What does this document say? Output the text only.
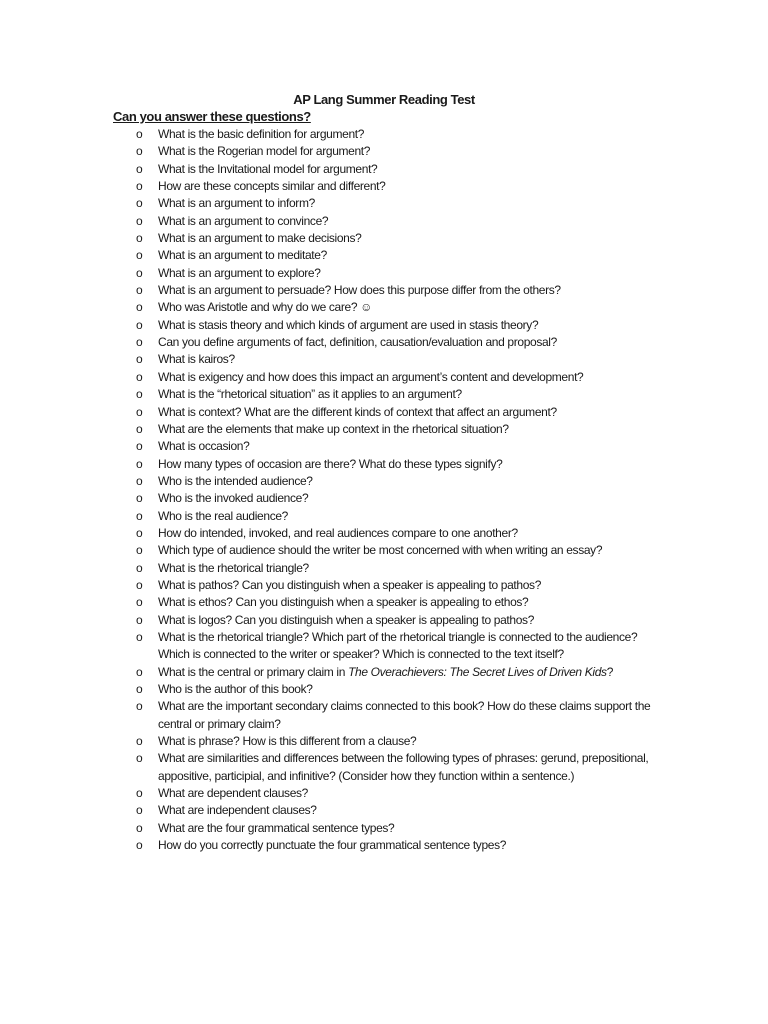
AP Lang Summer Reading Test
Can you answer these questions?
o What is the basic definition for argument?
o What is the Rogerian model for argument?
o What is the Invitational model for argument?
o How are these concepts similar and different?
o What is an argument to inform?
o What is an argument to convince?
o What is an argument to make decisions?
o What is an argument to meditate?
o What is an argument to explore?
o What is an argument to persuade? How does this purpose differ from the others?
o Who was Aristotle and why do we care? ☺
o What is stasis theory and which kinds of argument are used in stasis theory?
o Can you define arguments of fact, definition, causation/evaluation and proposal?
o What is kairos?
o What is exigency and how does this impact an argument’s content and development?
o What is the “rhetorical situation” as it applies to an argument?
o What is context? What are the different kinds of context that affect an argument?
o What are the elements that make up context in the rhetorical situation?
o What is occasion?
o How many types of occasion are there? What do these types signify?
o Who is the intended audience?
o Who is the invoked audience?
o Who is the real audience?
o How do intended, invoked, and real audiences compare to one another?
o Which type of audience should the writer be most concerned with when writing an essay?
o What is the rhetorical triangle?
o What is pathos? Can you distinguish when a speaker is appealing to pathos?
o What is ethos? Can you distinguish when a speaker is appealing to ethos?
o What is logos? Can you distinguish when a speaker is appealing to pathos?
o What is the rhetorical triangle? Which part of the rhetorical triangle is connected to the audience? Which is connected to the writer or speaker? Which is connected to the text itself?
o What is the central or primary claim in The Overachievers: The Secret Lives of Driven Kids?
o Who is the author of this book?
o What are the important secondary claims connected to this book? How do these claims support the central or primary claim?
o What is phrase? How is this different from a clause?
o What are similarities and differences between the following types of phrases: gerund, prepositional, appositive, participial, and infinitive? (Consider how they function within a sentence.)
o What are dependent clauses?
o What are independent clauses?
o What are the four grammatical sentence types?
o How do you correctly punctuate the four grammatical sentence types?
